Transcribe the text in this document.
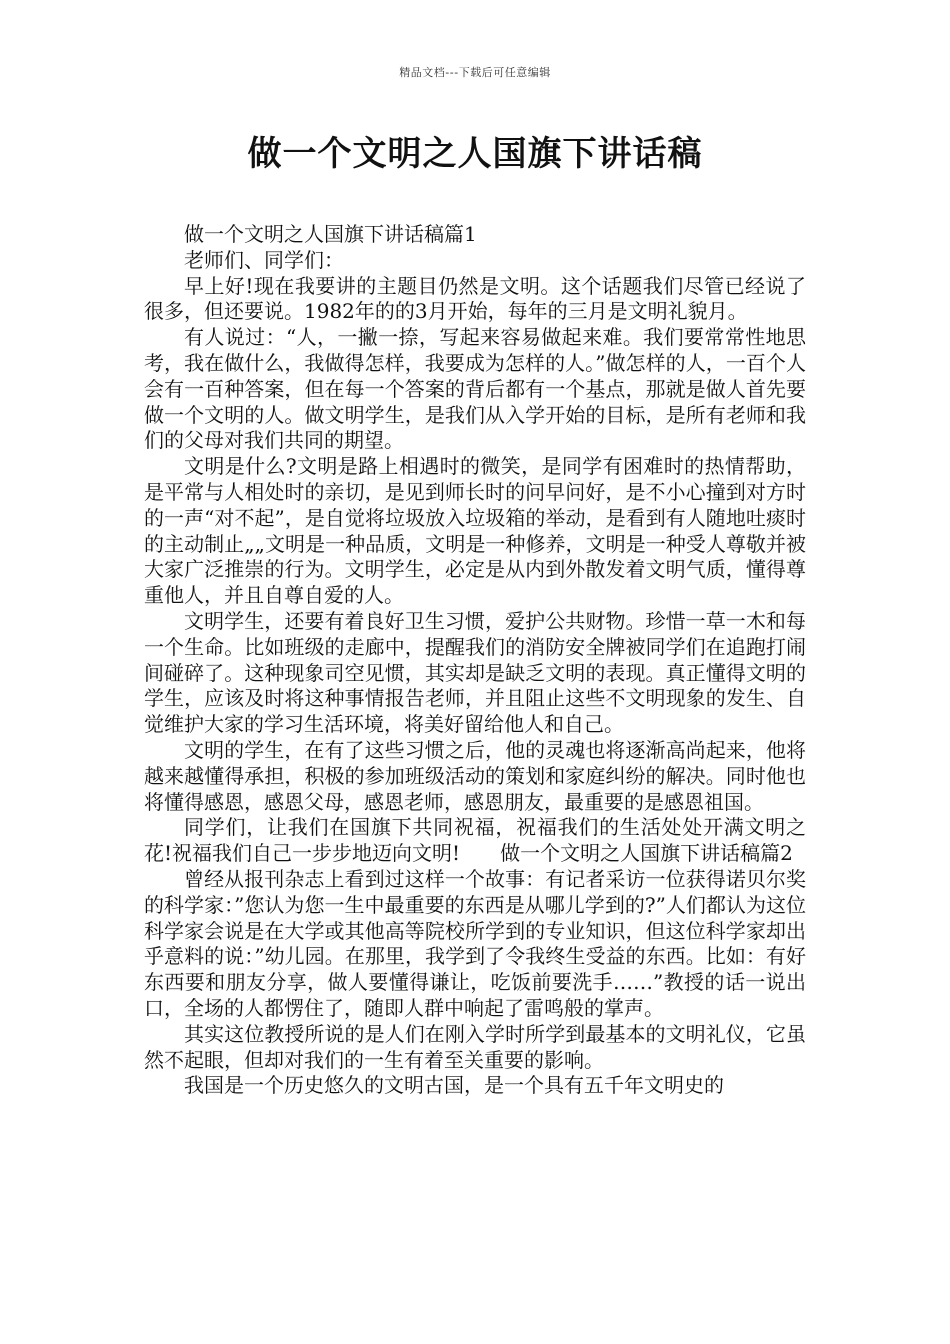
精品文档---下载后可任意编辑
做一个文明之人国旗下讲话稿

做一个文明之人国旗下讲话稿篇1

老师们、同学们：

早上好!现在我要讲的主题目仍然是文明。这个话题我们尽管已经说了很多，但还要说。1982年的的3月开始，每年的三月是文明礼貌月。

有人说过：“人，一撇一捺，写起来容易做起来难。我们要常常性地思考，我在做什么，我做得怎样，我要成为怎样的人。”做怎样的人，一百个人会有一百种答案，但在每一个答案的背后都有一个基点，那就是做人首先要做一个文明的人。做文明学生，是我们从入学开始的目标，是所有老师和我们的父母对我们共同的期望。

文明是什么?文明是路上相遇时的微笑，是同学有困难时的热情帮助，是平常与人相处时的亲切，是见到师长时的问早问好，是不小心撞到对方时的一声“对不起”，是自觉将垃圾放入垃圾箱的举动，是看到有人随地吐痰时的主动制止„„文明是一种品质，文明是一种修养，文明是一种受人尊敬并被大家广泛推崇的行为。文明学生，必定是从内到外散发着文明气质，懂得尊重他人，并且自尊自爱的人。

文明学生，还要有着良好卫生习惯，爱护公共财物。珍惜一草一木和每一个生命。比如班级的走廊中，提醒我们的消防安全牌被同学们在追跑打闹间碰碎了。这种现象司空见惯，其实却是缺乏文明的表现。真正懂得文明的学生，应该及时将这种事情报告老师，并且阻止这些不文明现象的发生、自觉维护大家的学习生活环境，将美好留给他人和自己。

文明的学生，在有了这些习惯之后，他的灵魂也将逐渐高尚起来，他将越来越懂得承担，积极的参加班级活动的策划和家庭纠纷的解决。同时他也将懂得感恩，感恩父母，感恩老师，感恩朋友，最重要的是感恩祖国。

同学们，让我们在国旗下共同祝福，祝福我们的生活处处开满文明之花!祝福我们自己一步步地迈向文明!　　做一个文明之人国旗下讲话稿篇2

曾经从报刊杂志上看到过这样一个故事：有记者采访一位获得诺贝尔奖的科学家：”您认为您一生中最重要的东西是从哪儿学到的?”人们都认为这位科学家会说是在大学或其他高等院校所学到的专业知识，但这位科学家却出乎意料的说：”幼儿园。在那里，我学到了令我终生受益的东西。比如：有好东西要和朋友分享，做人要懂得谦让，吃饭前要洗手……”教授的话一说出口，全场的人都愣住了，随即人群中响起了雷鸣般的掌声。

其实这位教授所说的是人们在刚入学时所学到最基本的文明礼仪，它虽然不起眼，但却对我们的一生有着至关重要的影响。

我国是一个历史悠久的文明古国，是一个具有五千年文明史的
